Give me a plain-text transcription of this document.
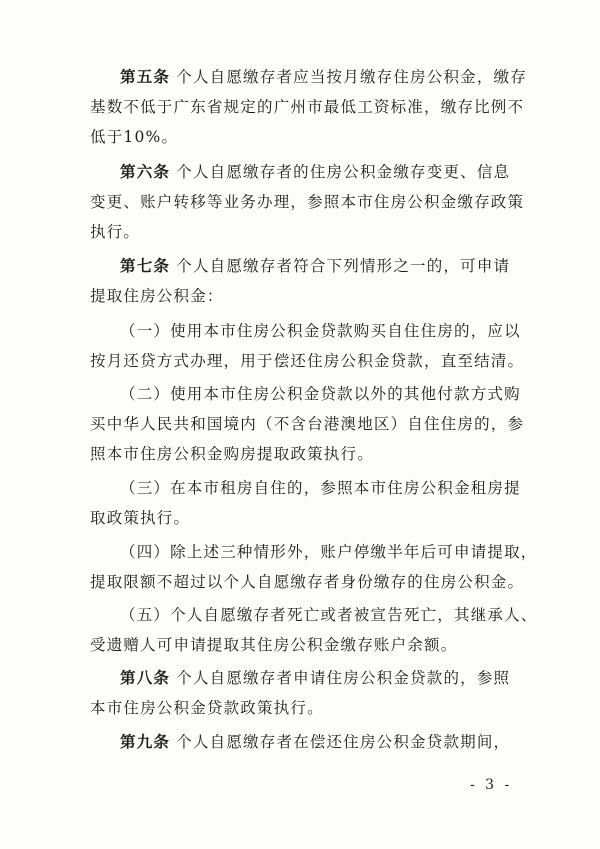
第五条 个人自愿缴存者应当按月缴存住房公积金，缴存
基数不低于广东省规定的广州市最低工资标准，缴存比例不
低于10%。

第六条 个人自愿缴存者的住房公积金缴存变更、信息
变更、账户转移等业务办理，参照本市住房公积金缴存政策
执行。

第七条 个人自愿缴存者符合下列情形之一的，可申请
提取住房公积金：

（一）使用本市住房公积金贷款购买自住住房的，应以
按月还贷方式办理，用于偿还住房公积金贷款，直至结清。

（二）使用本市住房公积金贷款以外的其他付款方式购
买中华人民共和国境内（不含台港澳地区）自住住房的，参
照本市住房公积金购房提取政策执行。

（三）在本市租房自住的，参照本市住房公积金租房提
取政策执行。

（四）除上述三种情形外，账户停缴半年后可申请提取，
提取限额不超过以个人自愿缴存者身份缴存的住房公积金。

（五）个人自愿缴存者死亡或者被宣告死亡，其继承人、
受遗赠人可申请提取其住房公积金缴存账户余额。

第八条 个人自愿缴存者申请住房公积金贷款的，参照
本市住房公积金贷款政策执行。

第九条 个人自愿缴存者在偿还住房公积金贷款期间，

- 3 -
